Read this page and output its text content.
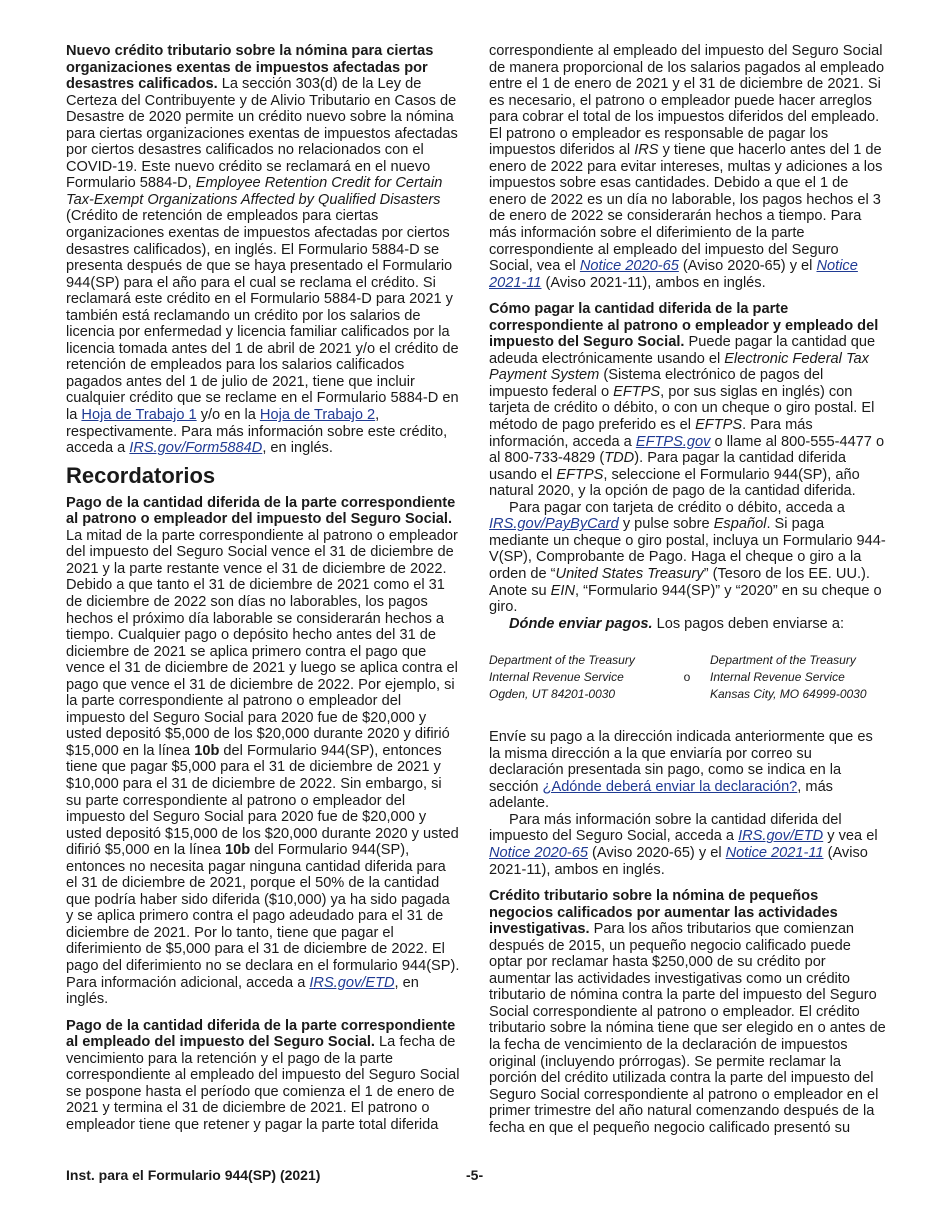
Nuevo crédito tributario sobre la nómina para ciertas organizaciones exentas de impuestos afectadas por desastres calificados. La sección 303(d) de la Ley de Certeza del Contribuyente y de Alivio Tributario en Casos de Desastre de 2020 permite un crédito nuevo sobre la nómina para ciertas organizaciones exentas de impuestos afectadas por ciertos desastres calificados no relacionados con el COVID-19. Este nuevo crédito se reclamará en el nuevo Formulario 5884-D, Employee Retention Credit for Certain Tax-Exempt Organizations Affected by Qualified Disasters (Crédito de retención de empleados para ciertas organizaciones exentas de impuestos afectadas por ciertos desastres calificados), en inglés. El Formulario 5884-D se presenta después de que se haya presentado el Formulario 944(SP) para el año para el cual se reclama el crédito. Si reclamará este crédito en el Formulario 5884-D para 2021 y también está reclamando un crédito por los salarios de licencia por enfermedad y licencia familiar calificados por la licencia tomada antes del 1 de abril de 2021 y/o el crédito de retención de empleados para los salarios calificados pagados antes del 1 de julio de 2021, tiene que incluir cualquier crédito que se reclame en el Formulario 5884-D en la Hoja de Trabajo 1 y/o en la Hoja de Trabajo 2, respectivamente. Para más información sobre este crédito, acceda a IRS.gov/Form5884D, en inglés.

Recordatorios

Pago de la cantidad diferida de la parte correspondiente al patrono o empleador del impuesto del Seguro Social. La mitad de la parte correspondiente al patrono o empleador del impuesto del Seguro Social vence el 31 de diciembre de 2021 y la parte restante vence el 31 de diciembre de 2022. Debido a que tanto el 31 de diciembre de 2021 como el 31 de diciembre de 2022 son días no laborables, los pagos hechos el próximo día laborable se considerarán hechos a tiempo. Cualquier pago o depósito hecho antes del 31 de diciembre de 2021 se aplica primero contra el pago que vence el 31 de diciembre de 2021 y luego se aplica contra el pago que vence el 31 de diciembre de 2022. Por ejemplo, si la parte correspondiente al patrono o empleador del impuesto del Seguro Social para 2020 fue de $20,000 y usted depositó $5,000 de los $20,000 durante 2020 y difirió $15,000 en la línea 10b del Formulario 944(SP), entonces tiene que pagar $5,000 para el 31 de diciembre de 2021 y $10,000 para el 31 de diciembre de 2022. Sin embargo, si su parte correspondiente al patrono o empleador del impuesto del Seguro Social para 2020 fue de $20,000 y usted depositó $15,000 de los $20,000 durante 2020 y usted difirió $5,000 en la línea 10b del Formulario 944(SP), entonces no necesita pagar ninguna cantidad diferida para el 31 de diciembre de 2021, porque el 50% de la cantidad que podría haber sido diferida ($10,000) ya ha sido pagada y se aplica primero contra el pago adeudado para el 31 de diciembre de 2021. Por lo tanto, tiene que pagar el diferimiento de $5,000 para el 31 de diciembre de 2022. El pago del diferimiento no se declara en el formulario 944(SP). Para información adicional, acceda a IRS.gov/ETD, en inglés.

Pago de la cantidad diferida de la parte correspondiente al empleado del impuesto del Seguro Social. La fecha de vencimiento para la retención y el pago de la parte correspondiente al empleado del impuesto del Seguro Social se pospone hasta el período que comienza el 1 de enero de 2021 y termina el 31 de diciembre de 2021. El patrono o empleador tiene que retener y pagar la parte total diferida

correspondiente al empleado del impuesto del Seguro Social de manera proporcional de los salarios pagados al empleado entre el 1 de enero de 2021 y el 31 de diciembre de 2021. Si es necesario, el patrono o empleador puede hacer arreglos para cobrar el total de los impuestos diferidos del empleado. El patrono o empleador es responsable de pagar los impuestos diferidos al IRS y tiene que hacerlo antes del 1 de enero de 2022 para evitar intereses, multas y adiciones a los impuestos sobre esas cantidades. Debido a que el 1 de enero de 2022 es un día no laborable, los pagos hechos el 3 de enero de 2022 se considerarán hechos a tiempo. Para más información sobre el diferimiento de la parte correspondiente al empleado del impuesto del Seguro Social, vea el Notice 2020-65 (Aviso 2020-65) y el Notice 2021-11 (Aviso 2021-11), ambos en inglés.

Cómo pagar la cantidad diferida de la parte correspondiente al patrono o empleador y empleado del impuesto del Seguro Social. Puede pagar la cantidad que adeuda electrónicamente usando el Electronic Federal Tax Payment System (Sistema electrónico de pagos del impuesto federal o EFTPS, por sus siglas en inglés) con tarjeta de crédito o débito, o con un cheque o giro postal. El método de pago preferido es el EFTPS. Para más información, acceda a EFTPS.gov o llame al 800-555-4477 o al 800-733-4829 (TDD). Para pagar la cantidad diferida usando el EFTPS, seleccione el Formulario 944(SP), año natural 2020, y la opción de pago de la cantidad diferida.

Para pagar con tarjeta de crédito o débito, acceda a IRS.gov/PayByCard y pulse sobre Español. Si paga mediante un cheque o giro postal, incluya un Formulario 944-V(SP), Comprobante de Pago. Haga el cheque o giro a la orden de “United States Treasury” (Tesoro de los EE. UU.). Anote su EIN, “Formulario 944(SP)” y “2020” en su cheque o giro.

Dónde enviar pagos. Los pagos deben enviarse a:

Department of the Treasury		Department of the Treasury
Internal Revenue Service	o	Internal Revenue Service
Ogden, UT 84201-0030		Kansas City, MO 64999-0030

Envíe su pago a la dirección indicada anteriormente que es la misma dirección a la que enviaría por correo su declaración presentada sin pago, como se indica en la sección ¿Adónde deberá enviar la declaración?, más adelante.

Para más información sobre la cantidad diferida del impuesto del Seguro Social, acceda a IRS.gov/ETD y vea el Notice 2020-65 (Aviso 2020-65) y el Notice 2021-11 (Aviso 2021-11), ambos en inglés.

Crédito tributario sobre la nómina de pequeños negocios calificados por aumentar las actividades investigativas. Para los años tributarios que comienzan después de 2015, un pequeño negocio calificado puede optar por reclamar hasta $250,000 de su crédito por aumentar las actividades investigativas como un crédito tributario de nómina contra la parte del impuesto del Seguro Social correspondiente al patrono o empleador. El crédito tributario sobre la nómina tiene que ser elegido en o antes de la fecha de vencimiento de la declaración de impuestos original (incluyendo prórrogas). Se permite reclamar la porción del crédito utilizada contra la parte del impuesto del Seguro Social correspondiente al patrono o empleador en el primer trimestre del año natural comenzando después de la fecha en que el pequeño negocio calificado presentó su

Inst. para el Formulario 944(SP) (2021)	-5-
